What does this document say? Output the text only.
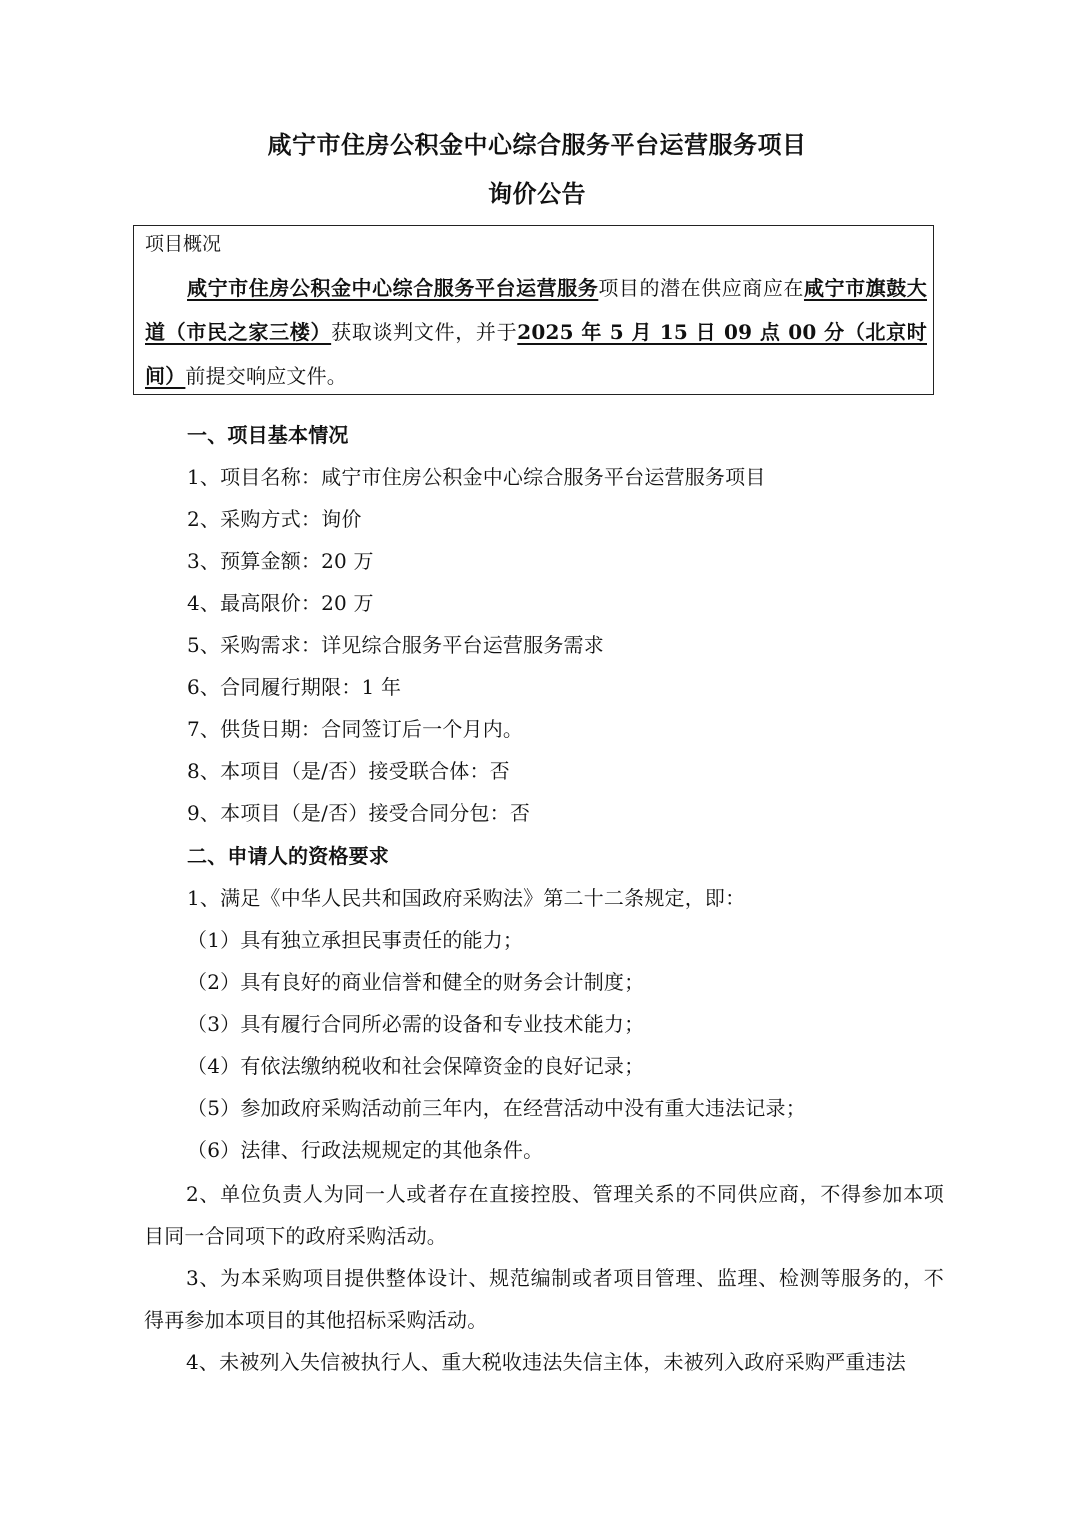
咸宁市住房公积金中心综合服务平台运营服务项目
询价公告
项目概况
咸宁市住房公积金中心综合服务平台运营服务项目的潜在供应商应在咸宁市旗鼓大道（市民之家三楼）获取谈判文件，并于2025 年 5 月 15 日 09 点 00 分（北京时间）前提交响应文件。
一、项目基本情况
1、项目名称：咸宁市住房公积金中心综合服务平台运营服务项目
2、采购方式：询价
3、预算金额：20 万
4、最高限价：20 万
5、采购需求：详见综合服务平台运营服务需求
6、合同履行期限：1 年
7、供货日期：合同签订后一个月内。
8、本项目（是/否）接受联合体：否
9、本项目（是/否）接受合同分包：否
二、申请人的资格要求
1、满足《中华人民共和国政府采购法》第二十二条规定，即：
（1）具有独立承担民事责任的能力；
（2）具有良好的商业信誉和健全的财务会计制度；
（3）具有履行合同所必需的设备和专业技术能力；
（4）有依法缴纳税收和社会保障资金的良好记录；
（5）参加政府采购活动前三年内，在经营活动中没有重大违法记录；
（6）法律、行政法规规定的其他条件。
2、单位负责人为同一人或者存在直接控股、管理关系的不同供应商，不得参加本项目同一合同项下的政府采购活动。
3、为本采购项目提供整体设计、规范编制或者项目管理、监理、检测等服务的，不得再参加本项目的其他招标采购活动。
4、未被列入失信被执行人、重大税收违法失信主体，未被列入政府采购严重违法
